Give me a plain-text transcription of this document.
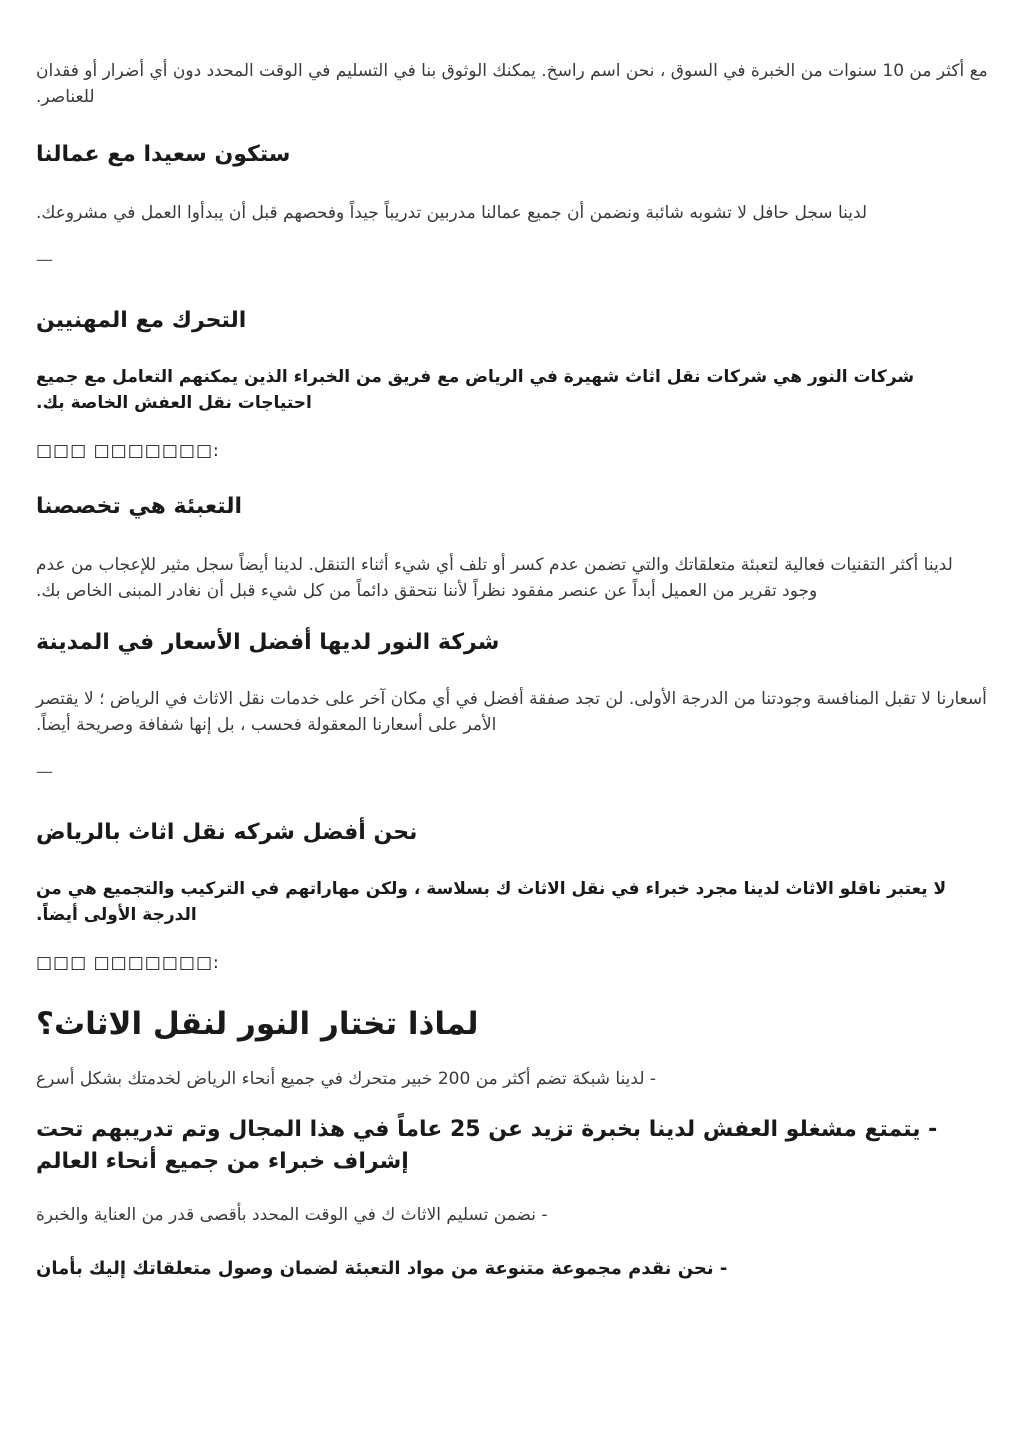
مع أكثر من 10 سنوات من الخبرة في السوق ، نحن اسم راسخ. يمكنك الوثوق بنا في التسليم في الوقت المحدد دون أي أضرار أو فقدان للعناصر.

ستكون سعيدا مع عمالنا

لدينا سجل حافل لا تشوبه شائبة ونضمن أن جميع عمالنا مدربين تدريباً جيداً وفحصهم قبل أن يبدأوا العمل في مشروعك.

—

التحرك مع المهنيين

شركات النور هي شركات نقل اثاث شهيرة في الرياض مع فريق من الخبراء الذين يمكنهم التعامل مع جميع احتياجات نقل العفش الخاصة بك.

□□□ □□□□□□□:

التعبئة هي تخصصنا

لدينا أكثر التقنيات فعالية لتعبئة متعلقاتك والتي تضمن عدم كسر أو تلف أي شيء أثناء التنقل. لدينا أيضاً سجل مثير للإعجاب من عدم وجود تقرير من العميل أبداً عن عنصر مفقود نظراً لأننا نتحقق دائماً من كل شيء قبل أن نغادر المبنى الخاص بك.

شركة النور لديها أفضل الأسعار في المدينة

أسعارنا لا تقبل المنافسة وجودتنا من الدرجة الأولى. لن تجد صفقة أفضل في أي مكان آخر على خدمات نقل الاثاث في الرياض ؛ لا يقتصر الأمر على أسعارنا المعقولة فحسب ، بل إنها شفافة وصريحة أيضاً.

—

نحن أفضل شركه نقل اثاث بالرياض

لا يعتبر ناقلو الاثاث لدينا مجرد خبراء في نقل الاثاث ك بسلاسة ، ولكن مهاراتهم في التركيب والتجميع هي من الدرجة الأولى أيضاً.

□□□ □□□□□□□:

لماذا تختار النور لنقل الاثاث؟

- لدينا شبكة تضم أكثر من 200 خبير متحرك في جميع أنحاء الرياض لخدمتك بشكل أسرع

- يتمتع مشغلو العفش لدينا بخبرة تزيد عن 25 عاماً في هذا المجال وتم تدريبهم تحت إشراف خبراء من جميع أنحاء العالم

- نضمن تسليم الاثاث ك في الوقت المحدد بأقصى قدر من العناية والخبرة

- نحن نقدم مجموعة متنوعة من مواد التعبئة لضمان وصول متعلقاتك إليك بأمان
